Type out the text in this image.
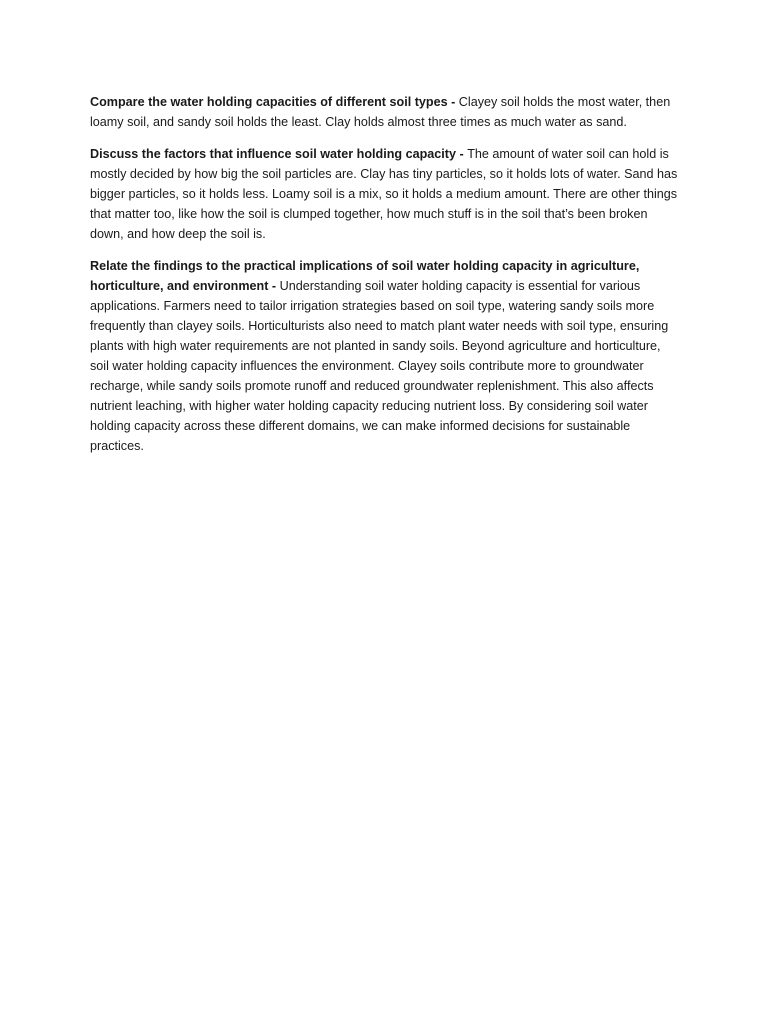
Compare the water holding capacities of different soil types - Clayey soil holds the most water, then loamy soil, and sandy soil holds the least. Clay holds almost three times as much water as sand.

Discuss the factors that influence soil water holding capacity - The amount of water soil can hold is mostly decided by how big the soil particles are. Clay has tiny particles, so it holds lots of water. Sand has bigger particles, so it holds less. Loamy soil is a mix, so it holds a medium amount. There are other things that matter too, like how the soil is clumped together, how much stuff is in the soil that’s been broken down, and how deep the soil is.

Relate the findings to the practical implications of soil water holding capacity in agriculture, horticulture, and environment - Understanding soil water holding capacity is essential for various applications. Farmers need to tailor irrigation strategies based on soil type, watering sandy soils more frequently than clayey soils. Horticulturists also need to match plant water needs with soil type, ensuring plants with high water requirements are not planted in sandy soils. Beyond agriculture and horticulture, soil water holding capacity influences the environment. Clayey soils contribute more to groundwater recharge, while sandy soils promote runoff and reduced groundwater replenishment. This also affects nutrient leaching, with higher water holding capacity reducing nutrient loss. By considering soil water holding capacity across these different domains, we can make informed decisions for sustainable practices.
